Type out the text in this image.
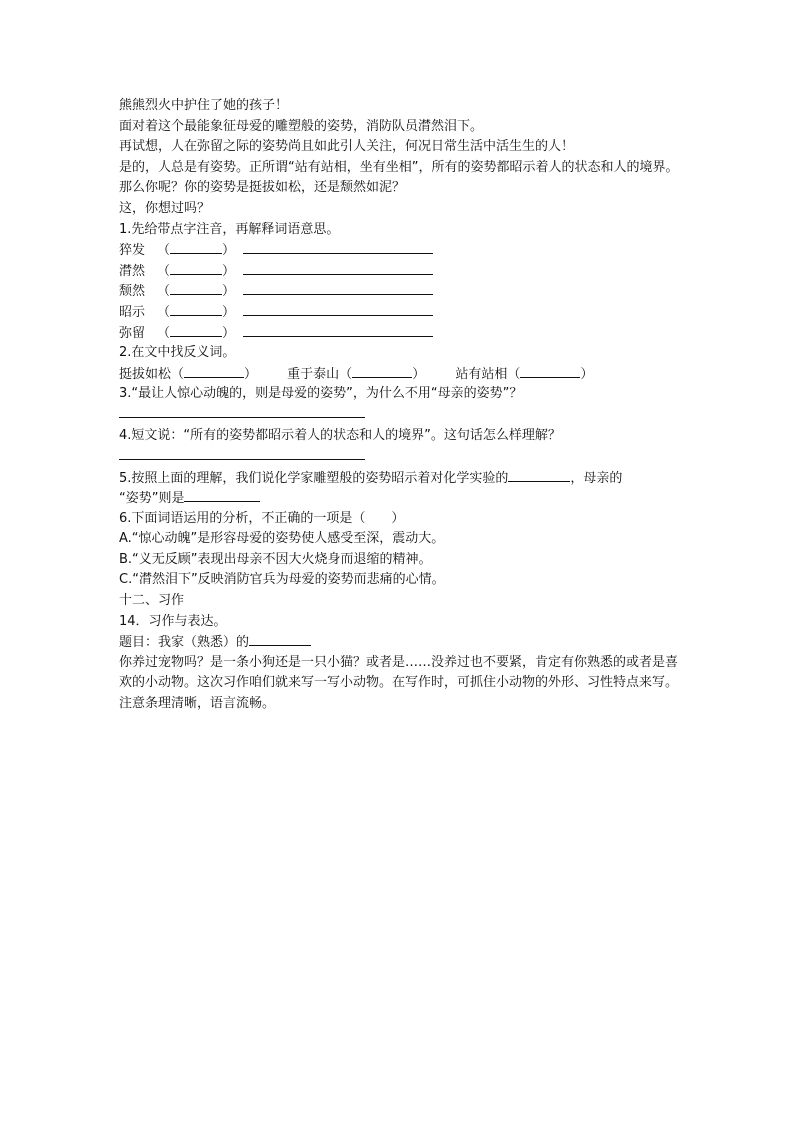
熊熊烈火中护住了她的孩子！
面对着这个最能象征母爱的雕塑般的姿势，消防队员潸然泪下。
再试想，人在弥留之际的姿势尚且如此引人关注，何况日常生活中活生生的人！
是的，人总是有姿势。正所谓“站有站相，坐有坐相”，所有的姿势都昭示着人的状态和人的境界。
那么你呢？你的姿势是挺拔如松，还是颓然如泥？
这，你想过吗？
1.先给带点字注音，再解释词语意思。
猝发 （	）
潸然 （	）
颓然 （	）
昭示 （	）
弥留 （	）
2.在文中找反义词。
挺拔如松（	） 重于泰山（	） 站有站相（	）
3.“最让人惊心动魄的，则是母爱的姿势”，为什么不用“母亲的姿势”？
4.短文说：“所有的姿势都昭示着人的状态和人的境界”。这句话怎么样理解？
5.按照上面的理解，我们说化学家雕塑般的姿势昭示着对化学实验的	，母亲的
“姿势”则是
6.下面词语运用的分析，不正确的一项是（ ）
A.“惊心动魄”是形容母爱的姿势使人感受至深，震动大。
B.“义无反顾”表现出母亲不因大火烧身而退缩的精神。
C.“潸然泪下”反映消防官兵为母爱的姿势而悲痛的心情。
十二、习作
14．习作与表达。
题目：我家（熟悉）的
你养过宠物吗？是一条小狗还是一只小猫？或者是……没养过也不要紧，肯定有你熟悉的或者是喜欢的小动物。这次习作咱们就来写一写小动物。在写作时，可抓住小动物的外形、习性特点来写。注意条理清晰，语言流畅。
